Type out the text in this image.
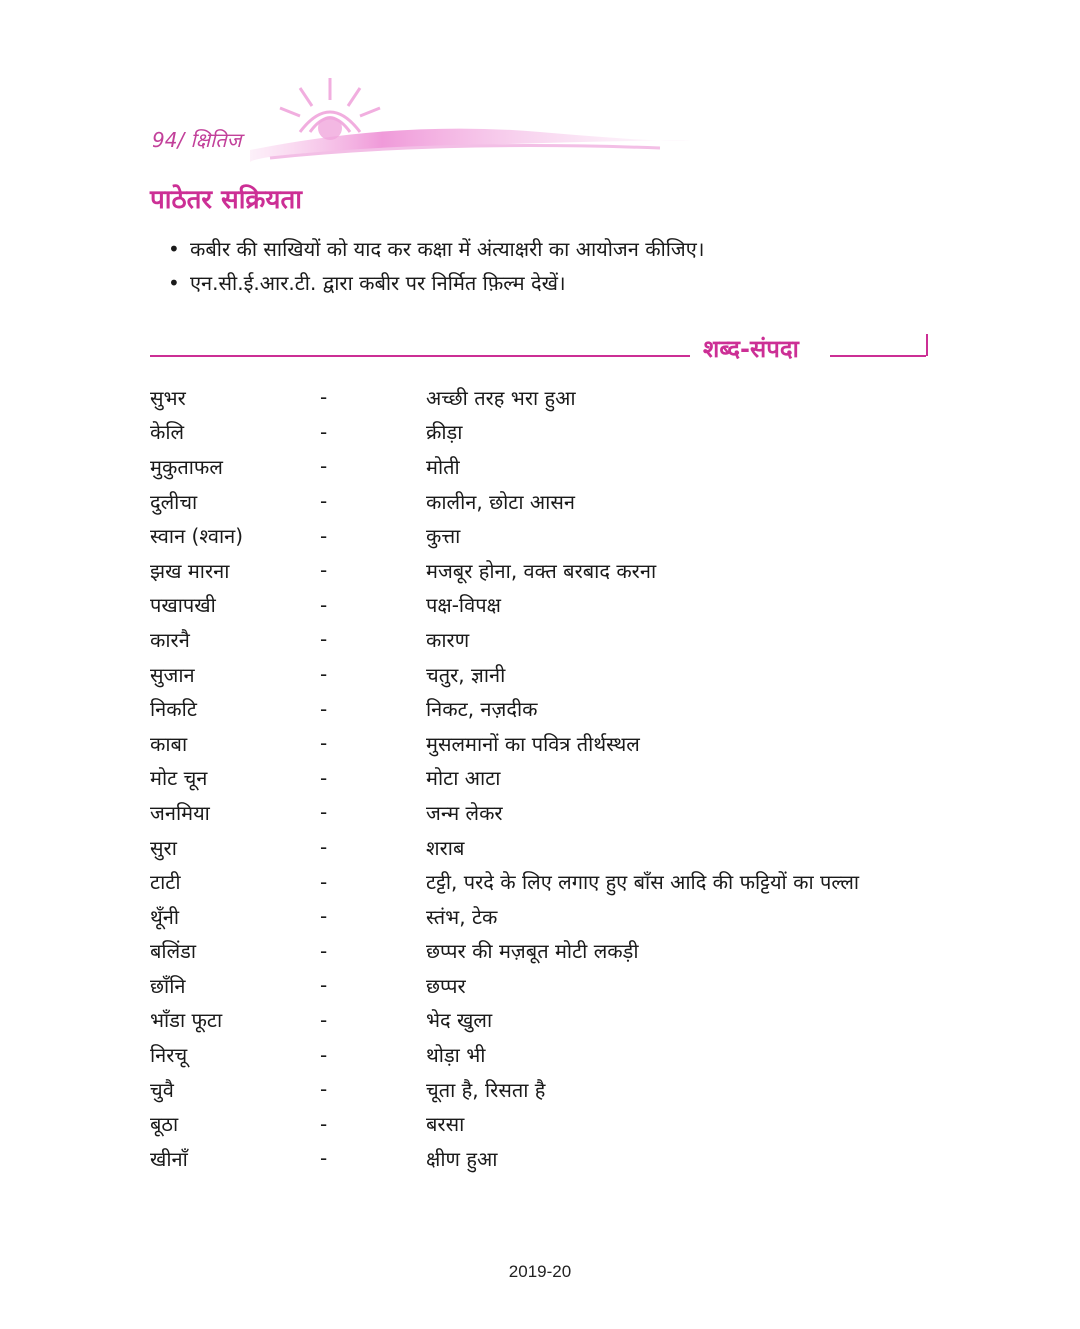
94/ क्षितिज
पाठेतर सक्रियता
• कबीर की साखियों को याद कर कक्षा में अंत्याक्षरी का आयोजन कीजिए।
• एन.सी.ई.आर.टी. द्वारा कबीर पर निर्मित फ़िल्म देखें।
शब्द-संपदा
सुभर	-	अच्छी तरह भरा हुआ
केलि	-	क्रीड़ा
मुकुताफल	-	मोती
दुलीचा	-	कालीन, छोटा आसन
स्वान (श्वान)	-	कुत्ता
झख मारना	-	मजबूर होना, वक्त बरबाद करना
पखापखी	-	पक्ष-विपक्ष
कारनै	-	कारण
सुजान	-	चतुर, ज्ञानी
निकटि	-	निकट, नज़दीक
काबा	-	मुसलमानों का पवित्र तीर्थस्थल
मोट चून	-	मोटा आटा
जनमिया	-	जन्म लेकर
सुरा	-	शराब
टाटी	-	टट्टी, परदे के लिए लगाए हुए बाँस आदि की फट्टियों का पल्ला
थूँनी	-	स्तंभ, टेक
बलिंडा	-	छप्पर की मज़बूत मोटी लकड़ी
छाँनि	-	छप्पर
भाँडा फूटा	-	भेद खुला
निरचू	-	थोड़ा भी
चुवै	-	चूता है, रिसता है
बूठा	-	बरसा
खीनाँ	-	क्षीण हुआ
2019-20
